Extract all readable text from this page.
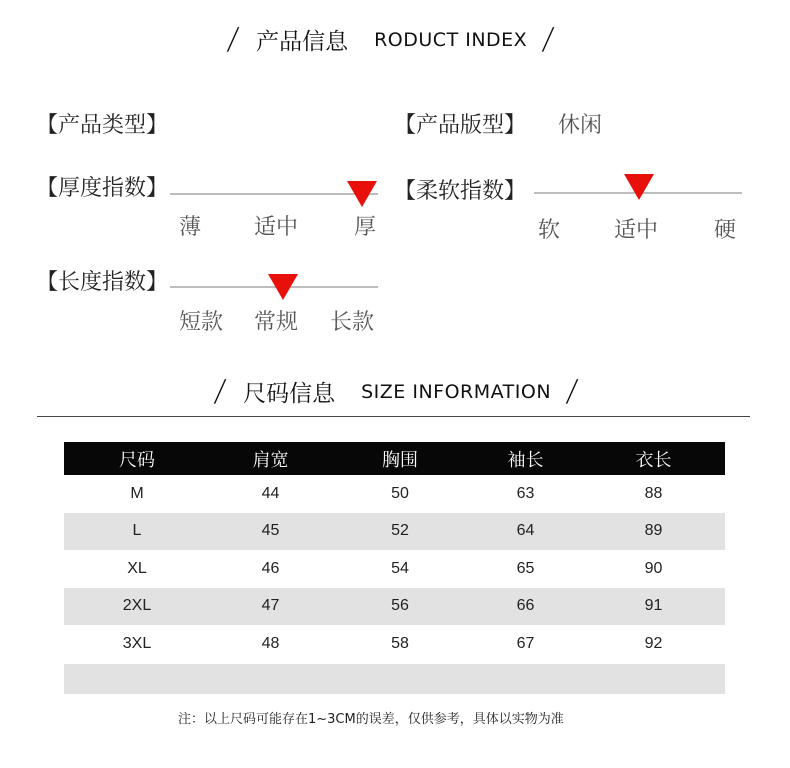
/ 产品信息 RODUCT INDEX /
【产品类型】	【产品版型】 休闲
【厚度指数】
薄 适中	厚
【柔软指数】
软 适中	硬
【长度指数】
短款 常规 长款
/ 尺码信息 SIZE INFORMATION /
尺码	肩宽	胸围	袖长	衣长
M	44	50	63	88
L	45	52	64	89
XL	46	54	65	90
2XL	47	56	66	91
3XL	48	58	67	92
注：以上尺码可能存在1~3CM的误差，仅供参考，具体以实物为准
